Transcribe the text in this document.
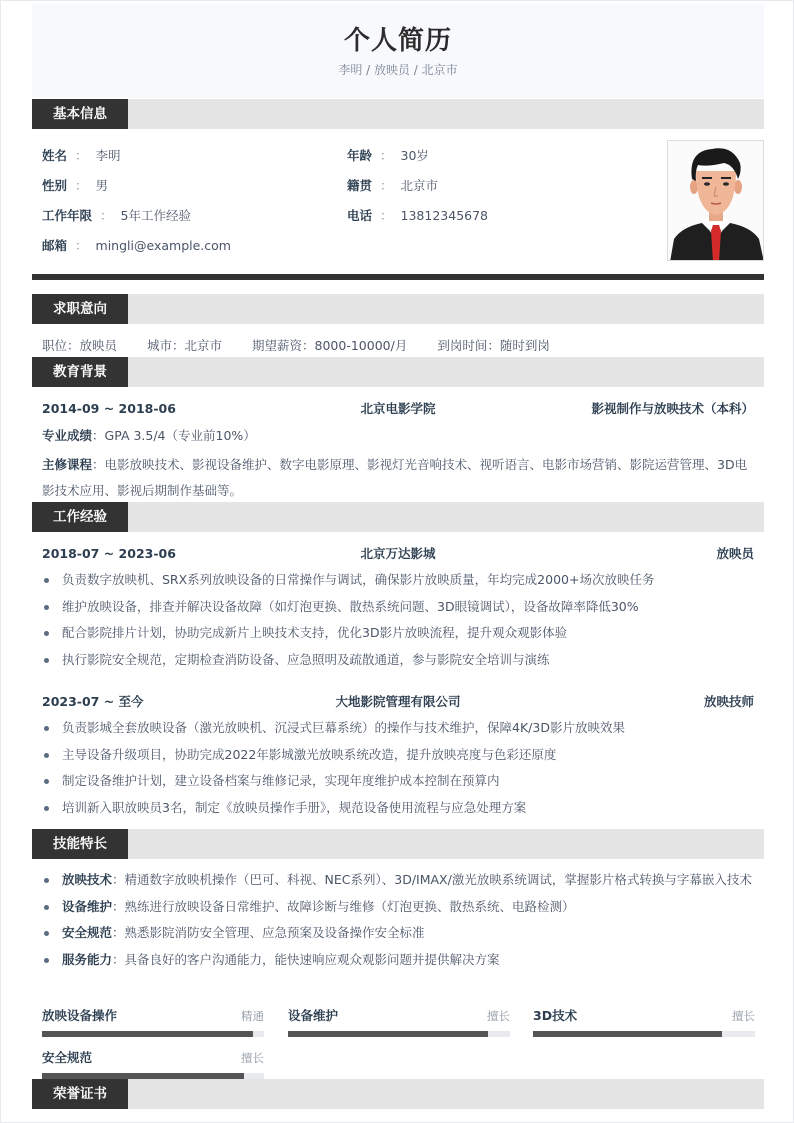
个人简历
李明 / 放映员 / 北京市
基本信息
姓名 ： 李明
性别 ： 男
工作年限 ： 5年工作经验
邮箱 ： mingli@example.com
年龄 ： 30岁
籍贯 ： 北京市
电话 ： 13812345678
求职意向
职位：放映员 城市：北京市 期望薪资：8000-10000/月 到岗时间：随时到岗
教育背景
北京电影学院
2014-09 ~ 2018-06	影视制作与放映技术（本科）
专业成绩：GPA 3.5/4（专业前10%）
主修课程：电影放映技术、影视设备维护、数字电影原理、影视灯光音响技术、视听语言、电影市场营销、影院运营管理、3D电影技术应用、影视后期制作基础等。
工作经验
北京万达影城
2018-07 ~ 2023-06	放映员
负责数字放映机、SRX系列放映设备的日常操作与调试，确保影片放映质量，年均完成2000+场次放映任务
维护放映设备，排查并解决设备故障（如灯泡更换、散热系统问题、3D眼镜调试），设备故障率降低30%
配合影院排片计划，协助完成新片上映技术支持，优化3D影片放映流程，提升观众观影体验
执行影院安全规范，定期检查消防设备、应急照明及疏散通道，参与影院安全培训与演练
大地影院管理有限公司
2023-07 ~ 至今	放映技师
负责影城全套放映设备（激光放映机、沉浸式巨幕系统）的操作与技术维护，保障4K/3D影片放映效果
主导设备升级项目，协助完成2022年影城激光放映系统改造，提升放映亮度与色彩还原度
制定设备维护计划，建立设备档案与维修记录，实现年度维护成本控制在预算内
培训新入职放映员3名，制定《放映员操作手册》，规范设备使用流程与应急处理方案
技能特长
放映技术：精通数字放映机操作（巴可、科视、NEC系列）、3D/IMAX/激光放映系统调试，掌握影片格式转换与字幕嵌入技术
设备维护：熟练进行放映设备日常维护、故障诊断与维修（灯泡更换、散热系统、电路检测）
安全规范：熟悉影院消防安全管理、应急预案及设备操作安全标准
服务能力：具备良好的客户沟通能力，能快速响应观众观影问题并提供解决方案
放映设备操作	精通 设备维护	擅长 3D技术	擅长
安全规范	擅长
荣誉证书
